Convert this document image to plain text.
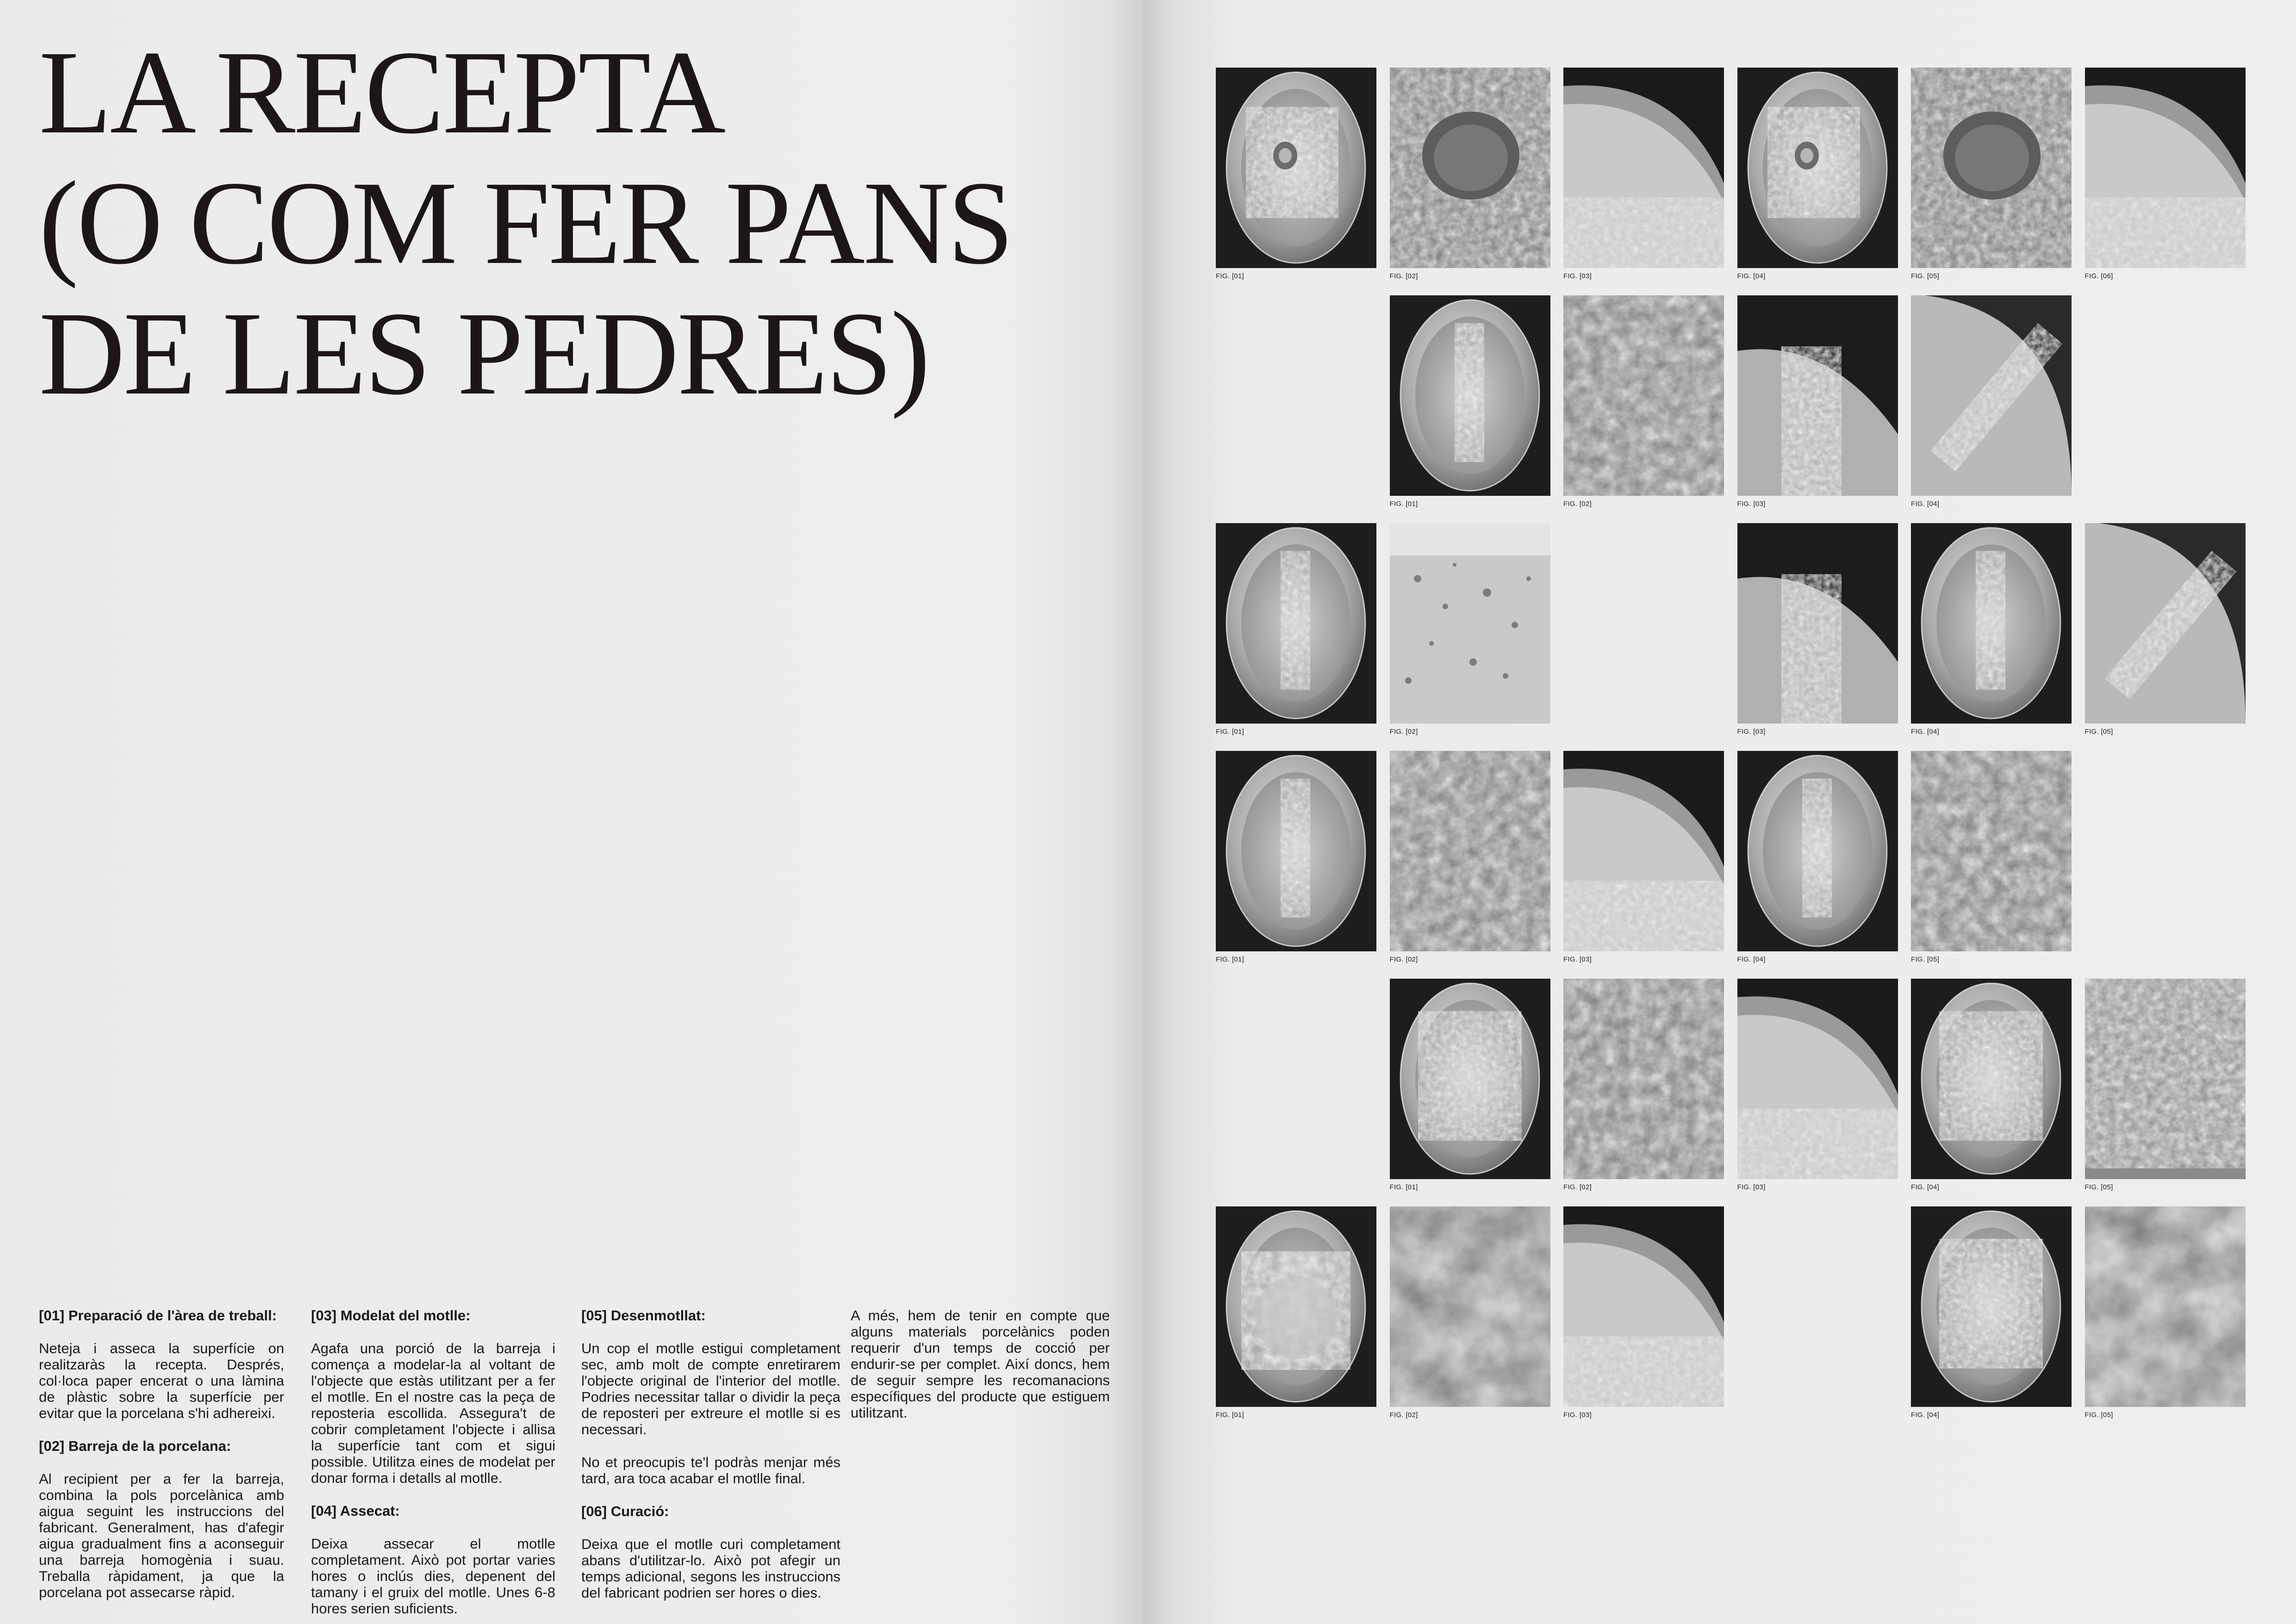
LA RECEPTA
(O COM FER PANS
DE LES PEDRES)
[01] Preparació de l'àrea de treball:

Neteja i asseca la superfície on realitzaràs la recepta. Després, col·loca paper encerat o una làmina de plàstic sobre la superfície per evitar que la porcelana s'hi adhereixi.

[02] Barreja de la porcelana:

Al recipient per a fer la barreja, combina la pols porcelànica amb aigua seguint les instruccions del fabricant. Generalment, has d'afegir aigua gradualment fins a aconseguir una barreja homogènia i suau. Treballa ràpidament, ja que la porcelana pot assecarse ràpid.

[03] Modelat del motlle:

Agafa una porció de la barreja i comença a modelar-la al voltant de l'objecte que estàs utilitzant per a fer el motlle. En el nostre cas la peça de reposteria escollida. Assegura't de cobrir completament l'objecte i allisa la superfície tant com et sigui possible. Utilitza eines de modelat per donar forma i detalls al motlle.

[04] Assecat:

Deixa assecar el motlle completament. Això pot portar varies hores o inclús dies, depenent del tamany i el gruix del motlle. Unes 6-8 hores serien suficients.

[05] Desenmotllat:

Un cop el motlle estigui completament sec, amb molt de compte enretirarem l'objecte original de l'interior del motlle. Podries necessitar tallar o dividir la peça de reposteri per extreure el motlle si es necessari.

No et preocupis te'l podràs menjar més tard, ara toca acabar el motlle final.

[06] Curació:

Deixa que el motlle curi completament abans d'utilitzar-lo. Això pot afegir un temps adicional, segons les instruccions del fabricant podrien ser hores o dies.

A més, hem de tenir en compte que alguns materials porcelànics poden requerir d'un temps de cocció per endurir-se per complet. Així doncs, hem de seguir sempre les recomanacions específiques del producte que estiguem utilitzant.

FIG. [01]	FIG. [02]	FIG. [03]	FIG. [04]	FIG. [05]	FIG. [06]
FIG. [01]	FIG. [02]	FIG. [03]	FIG. [04]
FIG. [01]	FIG. [02]	FIG. [03]	FIG. [04]	FIG. [05]
FIG. [01]	FIG. [02]	FIG. [03]	FIG. [04]	FIG. [05]
FIG. [01]	FIG. [02]	FIG. [03]	FIG. [04]	FIG. [05]
FIG. [01]	FIG. [02]	FIG. [03]	FIG. [04]	FIG. [05]
